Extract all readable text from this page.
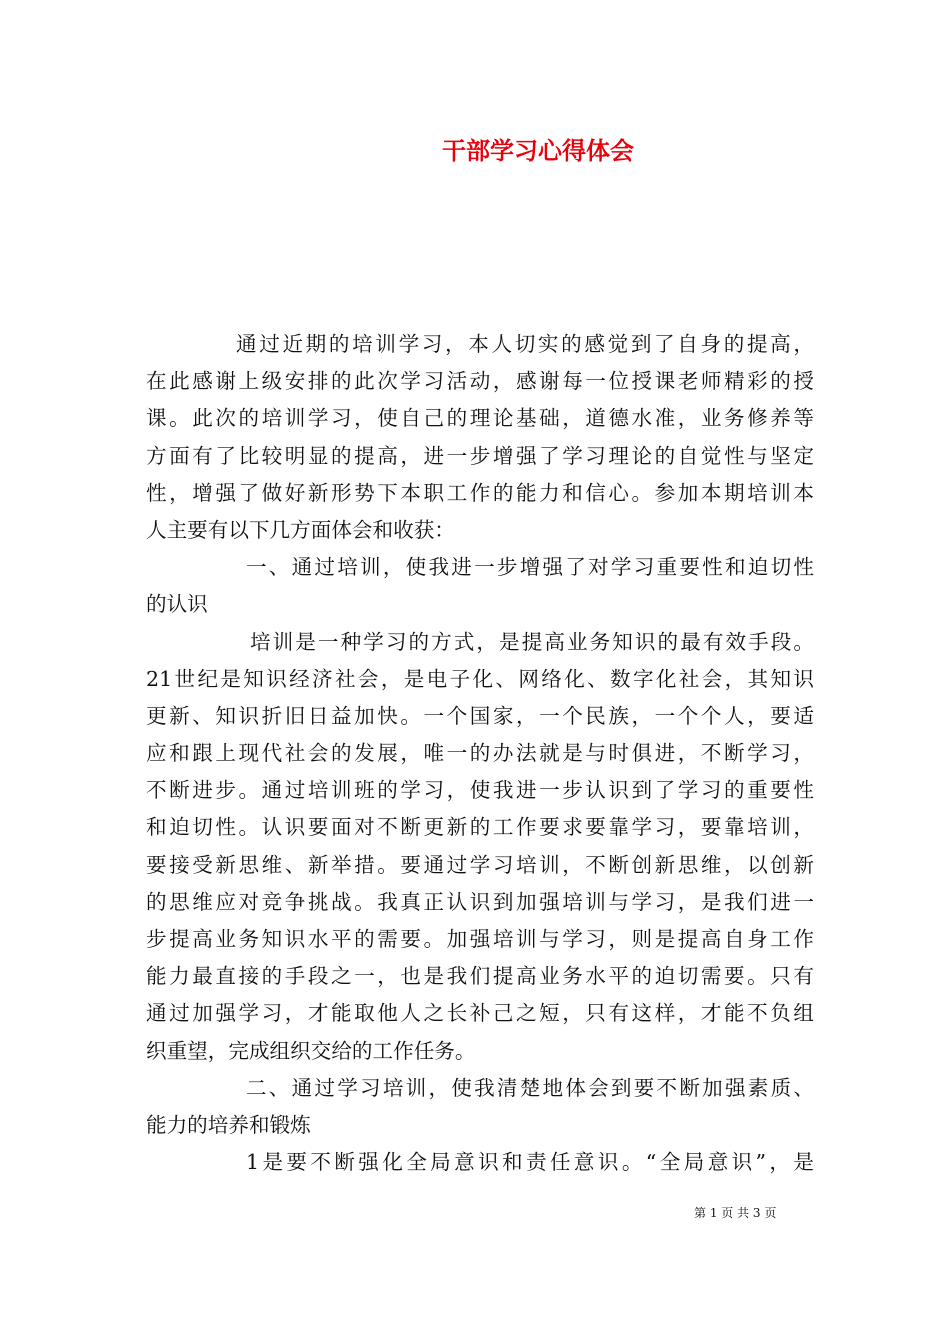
干部学习心得体会
通过近期的培训学习，本人切实的感觉到了自身的提高，
在此感谢上级安排的此次学习活动，感谢每一位授课老师精彩的授
课。此次的培训学习，使自己的理论基础，道德水准，业务修养等
方面有了比较明显的提高，进一步增强了学习理论的自觉性与坚定
性，增强了做好新形势下本职工作的能力和信心。参加本期培训本
人主要有以下几方面体会和收获：
一、通过培训，使我进一步增强了对学习重要性和迫切性
的认识
培训是一种学习的方式，是提高业务知识的最有效手段。
21世纪是知识经济社会，是电子化、网络化、数字化社会，其知识
更新、知识折旧日益加快。一个国家，一个民族，一个个人，要适
应和跟上现代社会的发展，唯一的办法就是与时俱进，不断学习，
不断进步。通过培训班的学习，使我进一步认识到了学习的重要性
和迫切性。认识要面对不断更新的工作要求要靠学习，要靠培训，
要接受新思维、新举措。要通过学习培训，不断创新思维，以创新
的思维应对竞争挑战。我真正认识到加强培训与学习，是我们进一
步提高业务知识水平的需要。加强培训与学习，则是提高自身工作
能力最直接的手段之一，也是我们提高业务水平的迫切需要。只有
通过加强学习，才能取他人之长补己之短，只有这样，才能不负组
织重望，完成组织交给的工作任务。
二、通过学习培训，使我清楚地体会到要不断加强素质、
能力的培养和锻炼
1是要不断强化全局意识和责任意识。“全局意识”，是
第 1 页 共 3 页
